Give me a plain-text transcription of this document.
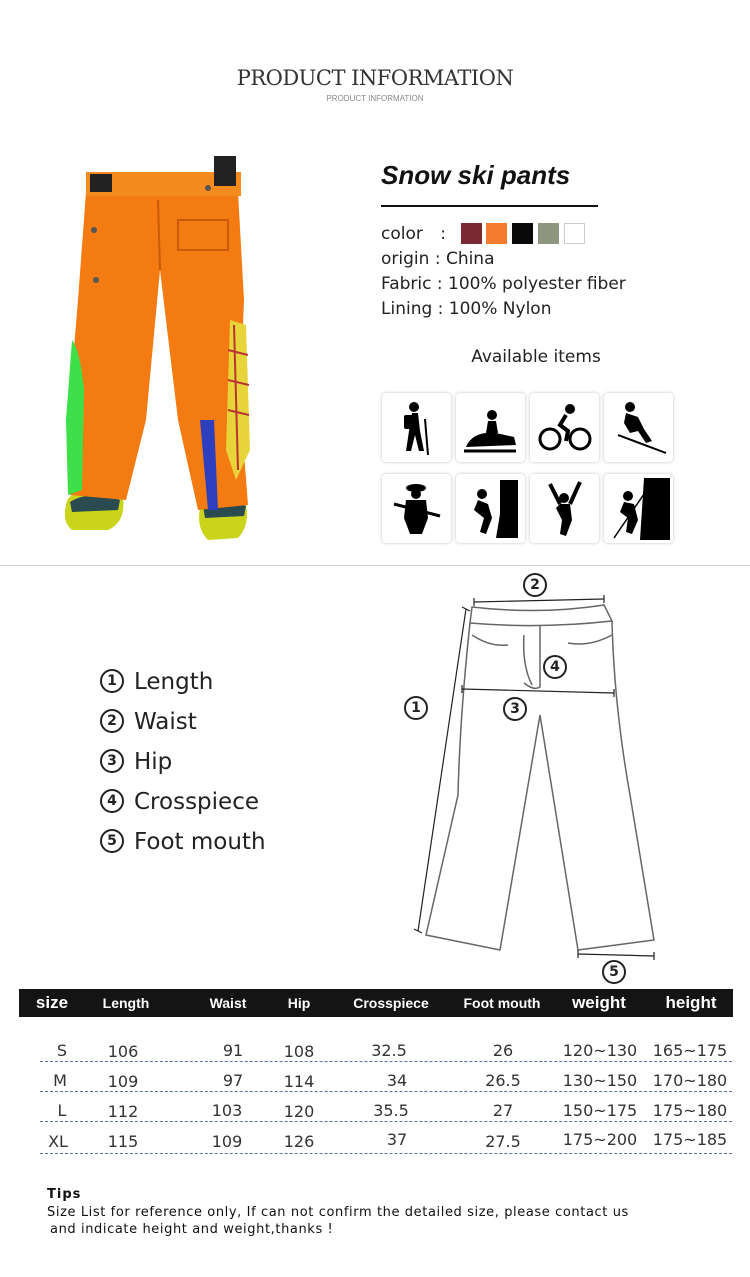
PRODUCT INFORMATION
PRODUCT INFORMATION
Snow ski pants
color :
origin : China
Fabric : 100% polyester fiber
Lining : 100% Nylon
Available items
1 Length
2 Waist
3 Hip
4 Crosspiece
5 Foot mouth
1
2
3
4
5
size	Length	Waist	Hip	Crosspiece	Foot mouth	weight	height
S	106	91	108	32.5	26	120~130 165~175
M	109	97	114	34	26.5	130~150 170~180
L	112	103	120	35.5	27	150~175 175~180
XL	115	109	126	37	27.5	175~200 175~185
Tips
Size List for reference only, If can not confirm the detailed size, please contact us
and indicate height and weight,thanks !
